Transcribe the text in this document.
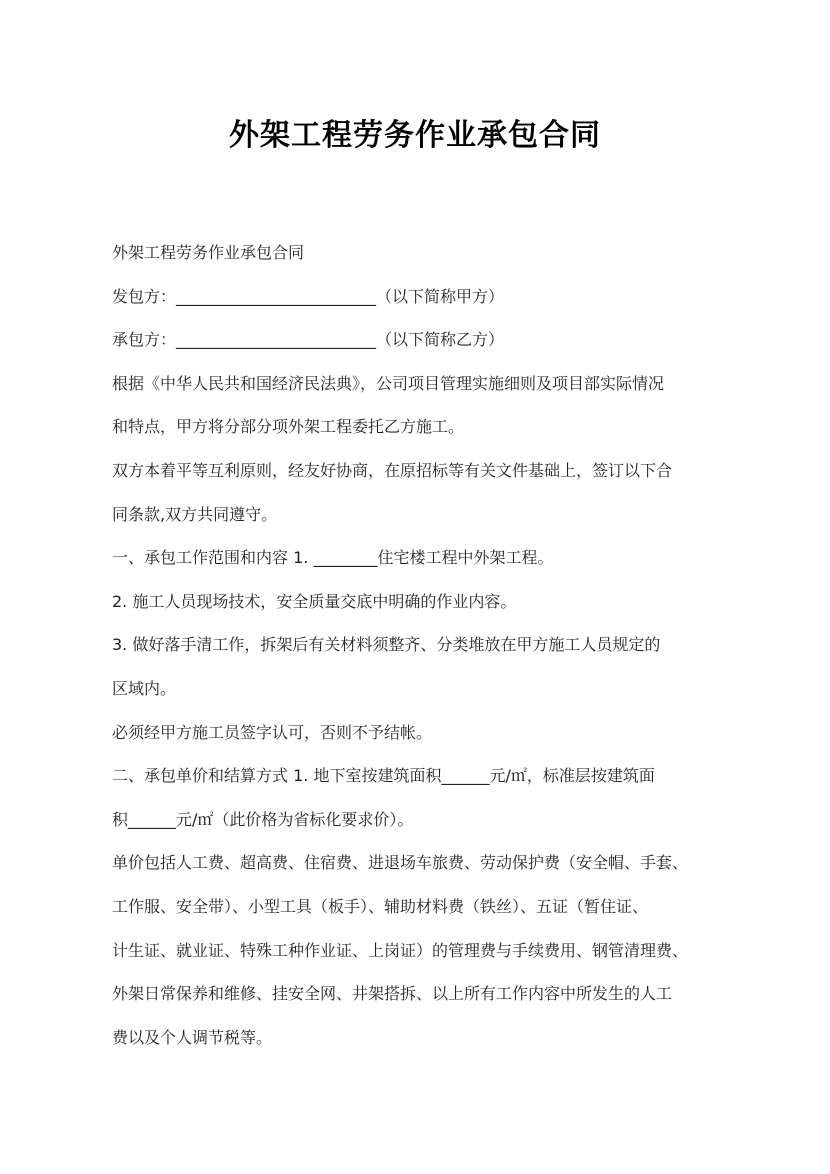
外架工程劳务作业承包合同
外架工程劳务作业承包合同
发包方：_________________________（以下简称甲方）
承包方：_________________________（以下简称乙方）
根据《中华人民共和国经济民法典》，公司项目管理实施细则及项目部实际情况
和特点，甲方将分部分项外架工程委托乙方施工。
双方本着平等互利原则，经友好协商，在原招标等有关文件基础上，签订以下合
同条款,双方共同遵守。
一、承包工作范围和内容 1. ________住宅楼工程中外架工程。
2. 施工人员现场技术，安全质量交底中明确的作业内容。
3. 做好落手清工作，拆架后有关材料须整齐、分类堆放在甲方施工人员规定的
区域内。
必须经甲方施工员签字认可，否则不予结帐。
二、承包单价和结算方式 1. 地下室按建筑面积______元/㎡，标准层按建筑面
积______元/㎡（此价格为省标化要求价）。
单价包括人工费、超高费、住宿费、进退场车旅费、劳动保护费（安全帽、手套、
工作服、安全带）、小型工具（板手）、辅助材料费（铁丝）、五证（暂住证、
计生证、就业证、特殊工种作业证、上岗证）的管理费与手续费用、钢管清理费、
外架日常保养和维修、挂安全网、井架搭拆、以上所有工作内容中所发生的人工
费以及个人调节税等。
